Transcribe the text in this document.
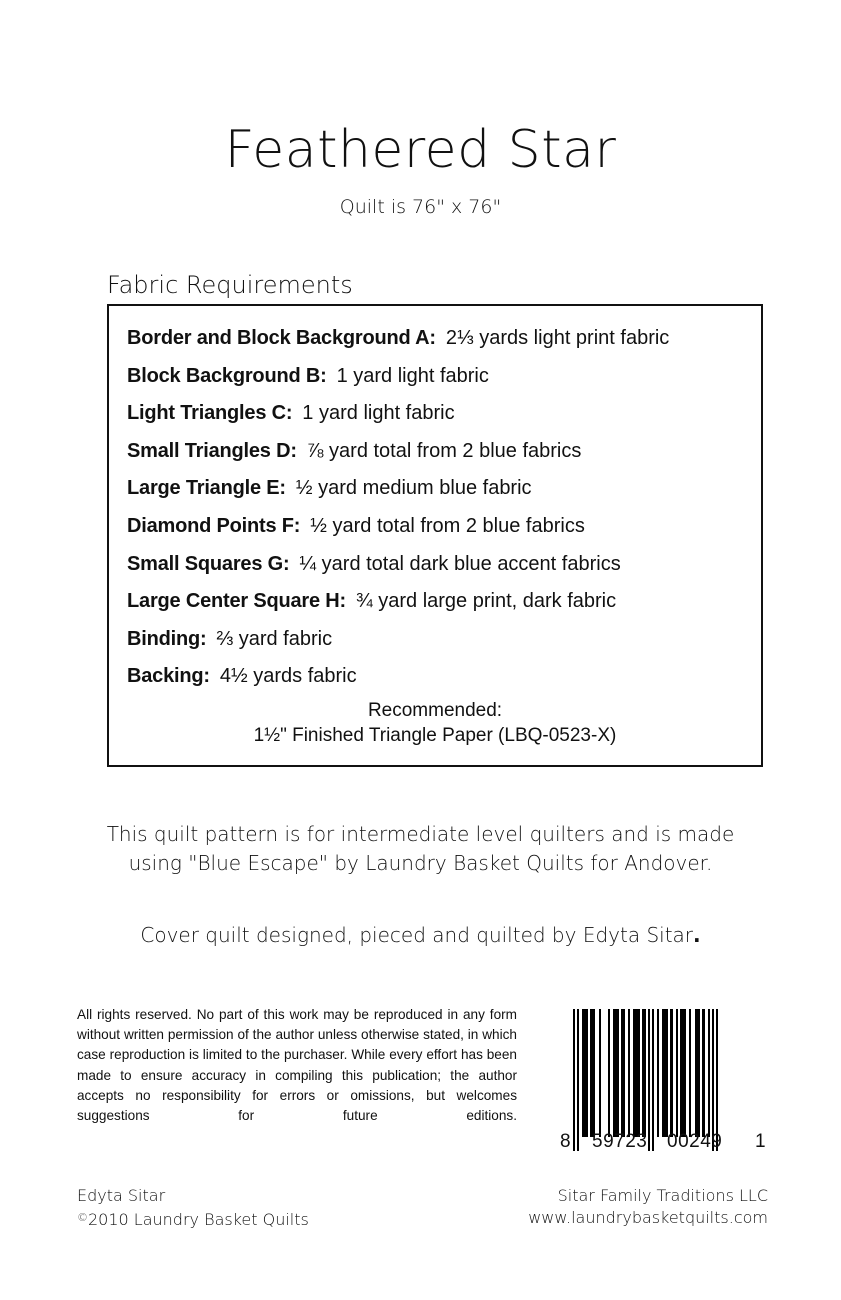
Feathered Star
Quilt is 76" x 76"
Fabric Requirements
Border and Block Background A: 2⅓ yards light print fabric
Block Background B: 1 yard light fabric
Light Triangles C: 1 yard light fabric
Small Triangles D: ⅞ yard total from 2 blue fabrics
Large Triangle E: ½ yard medium blue fabric
Diamond Points F: ½ yard total from 2 blue fabrics
Small Squares G: ¼ yard total dark blue accent fabrics
Large Center Square H: ¾ yard large print, dark fabric
Binding: ⅔ yard fabric
Backing: 4½ yards fabric
Recommended:
1½" Finished Triangle Paper (LBQ-0523-X)
This quilt pattern is for intermediate level quilters and is made
using "Blue Escape" by Laundry Basket Quilts for Andover.
Cover quilt designed, pieced and quilted by Edyta Sitar.
All rights reserved. No part of this work may be reproduced in any form without written permission of the author unless otherwise stated, in which case reproduction is limited to the purchaser. While every effort has been made to ensure accuracy in compiling this publication; the author accepts no responsibility for errors or omissions, but welcomes suggestions for future editions.
8 59723 00249 1
Edyta Sitar
©2010 Laundry Basket Quilts
Sitar Family Traditions LLC
www.laundrybasketquilts.com
